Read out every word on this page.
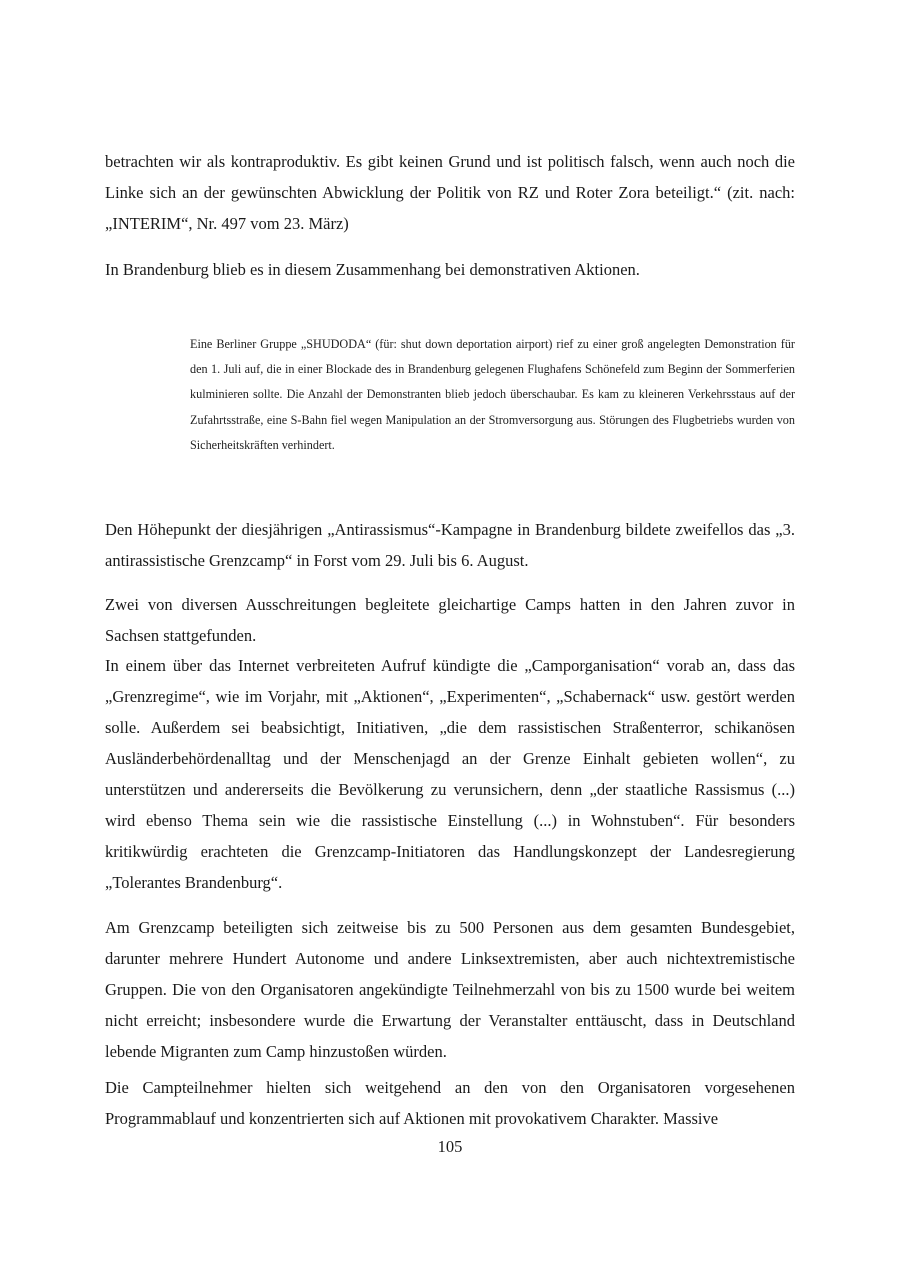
betrachten wir als kontraproduktiv. Es gibt keinen Grund und ist politisch falsch, wenn auch noch die Linke sich an der gewünschten Abwicklung der Politik von RZ und Roter Zora beteiligt.“ (zit. nach: „INTERIM“, Nr. 497 vom 23. März)

In Brandenburg blieb es in diesem Zusammenhang bei demonstrativen Aktionen.

Eine Berliner Gruppe „SHUDODA“ (für: shut down deportation airport) rief zu einer groß angelegten Demonstration für den 1. Juli auf, die in einer Blockade des in Brandenburg gelegenen Flughafens Schönefeld zum Beginn der Sommerferien kulminieren sollte. Die Anzahl der Demonstranten blieb jedoch überschaubar. Es kam zu kleineren Verkehrsstaus auf der Zufahrtsstraße, eine S-Bahn fiel wegen Manipulation an der Stromversorgung aus. Störungen des Flugbetriebs wurden von Sicherheitskräften verhindert.

Den Höhepunkt der diesjährigen „Antirassismus“-Kampagne in Brandenburg bildete zweifellos das „3. antirassistische Grenzcamp“ in Forst vom 29. Juli bis 6. August.

Zwei von diversen Ausschreitungen begleitete gleichartige Camps hatten in den Jahren zuvor in Sachsen stattgefunden.

In einem über das Internet verbreiteten Aufruf kündigte die „Camporganisation“ vorab an, dass das „Grenzregime“, wie im Vorjahr, mit „Aktionen“, „Experimenten“, „Schabernack“ usw. gestört werden solle. Außerdem sei beabsichtigt, Initiativen, „die dem rassistischen Straßenterror, schikanösen Ausländerbehördenalltag und der Menschenjagd an der Grenze Einhalt gebieten wollen“, zu unterstützen und andererseits die Bevölkerung zu verunsichern, denn „der staatliche Rassismus (...) wird ebenso Thema sein wie die rassistische Einstellung (...) in Wohnstuben“. Für besonders kritikwürdig erachteten die Grenzcamp-Initiatoren das Handlungskonzept der Landesregierung „Tolerantes Brandenburg“.

Am Grenzcamp beteiligten sich zeitweise bis zu 500 Personen aus dem gesamten Bundesgebiet, darunter mehrere Hundert Autonome und andere Linksextremisten, aber auch nichtextremistische Gruppen. Die von den Organisatoren angekündigte Teilnehmerzahl von bis zu 1500 wurde bei weitem nicht erreicht; insbesondere wurde die Erwartung der Veranstalter enttäuscht, dass in Deutschland lebende Migranten zum Camp hinzustoßen würden.

Die Campteilnehmer hielten sich weitgehend an den von den Organisatoren vorgesehenen Programmablauf und konzentrierten sich auf Aktionen mit provokativem Charakter. Massive

105
